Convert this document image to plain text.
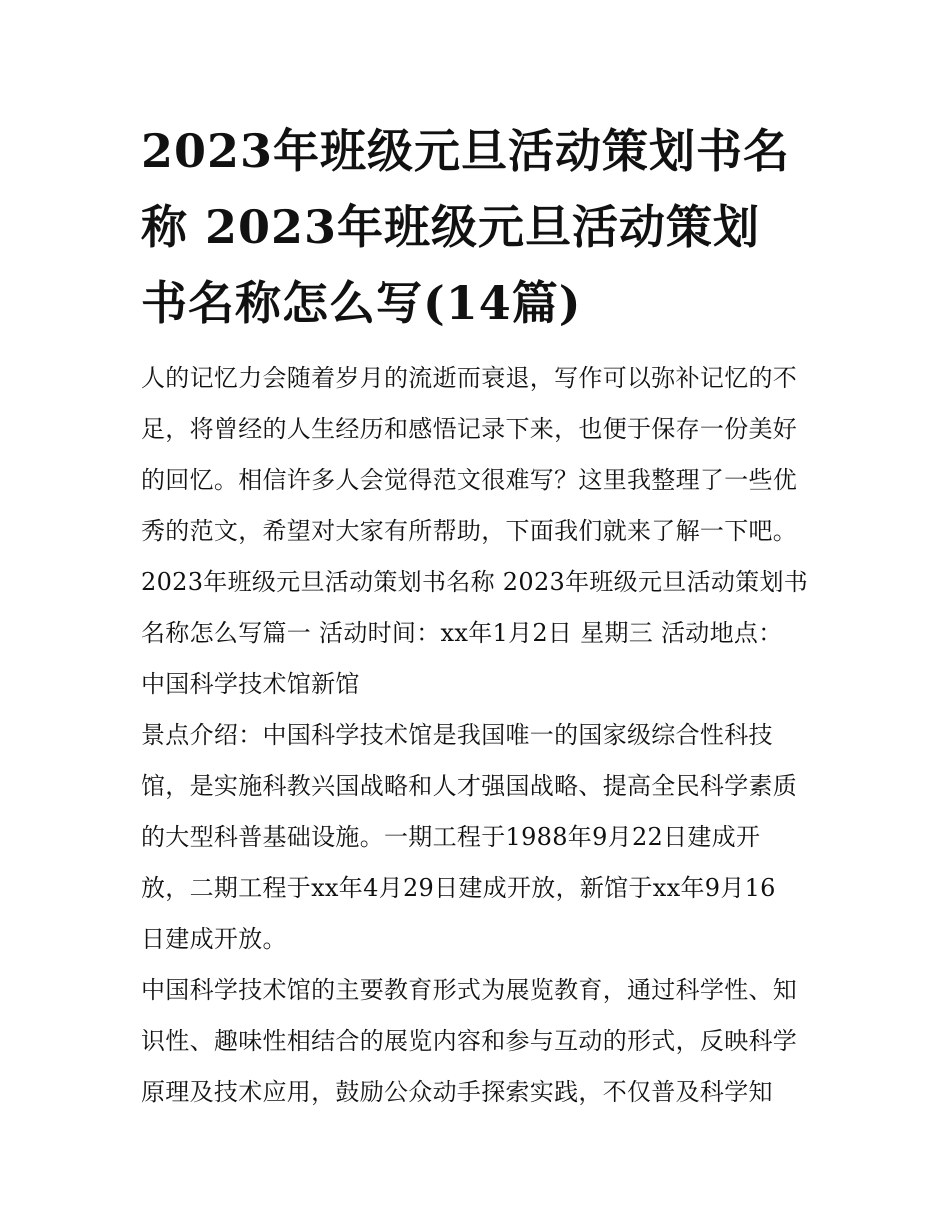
2023年班级元旦活动策划书名
称 2023年班级元旦活动策划
书名称怎么写(14篇)
人的记忆力会随着岁月的流逝而衰退，写作可以弥补记忆的不
足，将曾经的人生经历和感悟记录下来，也便于保存一份美好
的回忆。相信许多人会觉得范文很难写？这里我整理了一些优
秀的范文，希望对大家有所帮助，下面我们就来了解一下吧。
2023年班级元旦活动策划书名称 2023年班级元旦活动策划书
名称怎么写篇一 活动时间：xx年1月2日 星期三 活动地点：
中国科学技术馆新馆
景点介绍：中国科学技术馆是我国唯一的国家级综合性科技
馆，是实施科教兴国战略和人才强国战略、提高全民科学素质
的大型科普基础设施。一期工程于1988年9月22日建成开
放，二期工程于xx年4月29日建成开放，新馆于xx年9月16
日建成开放。
中国科学技术馆的主要教育形式为展览教育，通过科学性、知
识性、趣味性相结合的展览内容和参与互动的形式，反映科学
原理及技术应用，鼓励公众动手探索实践，不仅普及科学知
